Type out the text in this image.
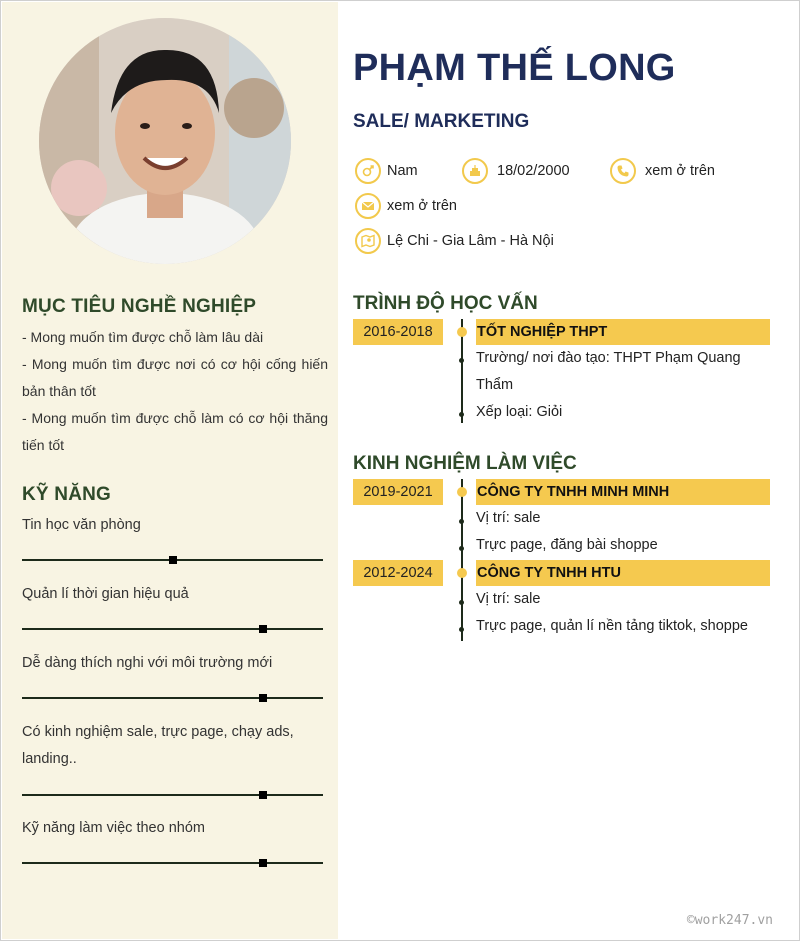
MỤC TIÊU NGHỀ NGHIỆP
- Mong muốn tìm được chỗ làm lâu dài
- Mong muốn tìm được nơi có cơ hội cống hiến bản thân tốt
- Mong muốn tìm được chỗ làm có cơ hội thăng tiến tốt
KỸ NĂNG
Tin học văn phòng
Quản lí thời gian hiệu quả
Dễ dàng thích nghi với môi trường mới
Có kinh nghiệm sale, trực page, chạy ads, landing..
Kỹ năng làm việc theo nhóm
PHẠM THẾ LONG
SALE/ MARKETING
Nam	18/02/2000	xem ở trên
xem ở trên
Lệ Chi - Gia Lâm - Hà Nội
TRÌNH ĐỘ HỌC VẤN
2016-2018	TỐT NGHIỆP THPT
Trường/ nơi đào tạo: THPT Phạm Quang Thẩm
Xếp loại: Giỏi
KINH NGHIỆM LÀM VIỆC
2019-2021	CÔNG TY TNHH MINH MINH
Vị trí: sale
Trực page, đăng bài shoppe
2012-2024	CÔNG TY TNHH HTU
Vị trí: sale
Trực page, quản lí nền tảng tiktok, shoppe
©work247.vn
